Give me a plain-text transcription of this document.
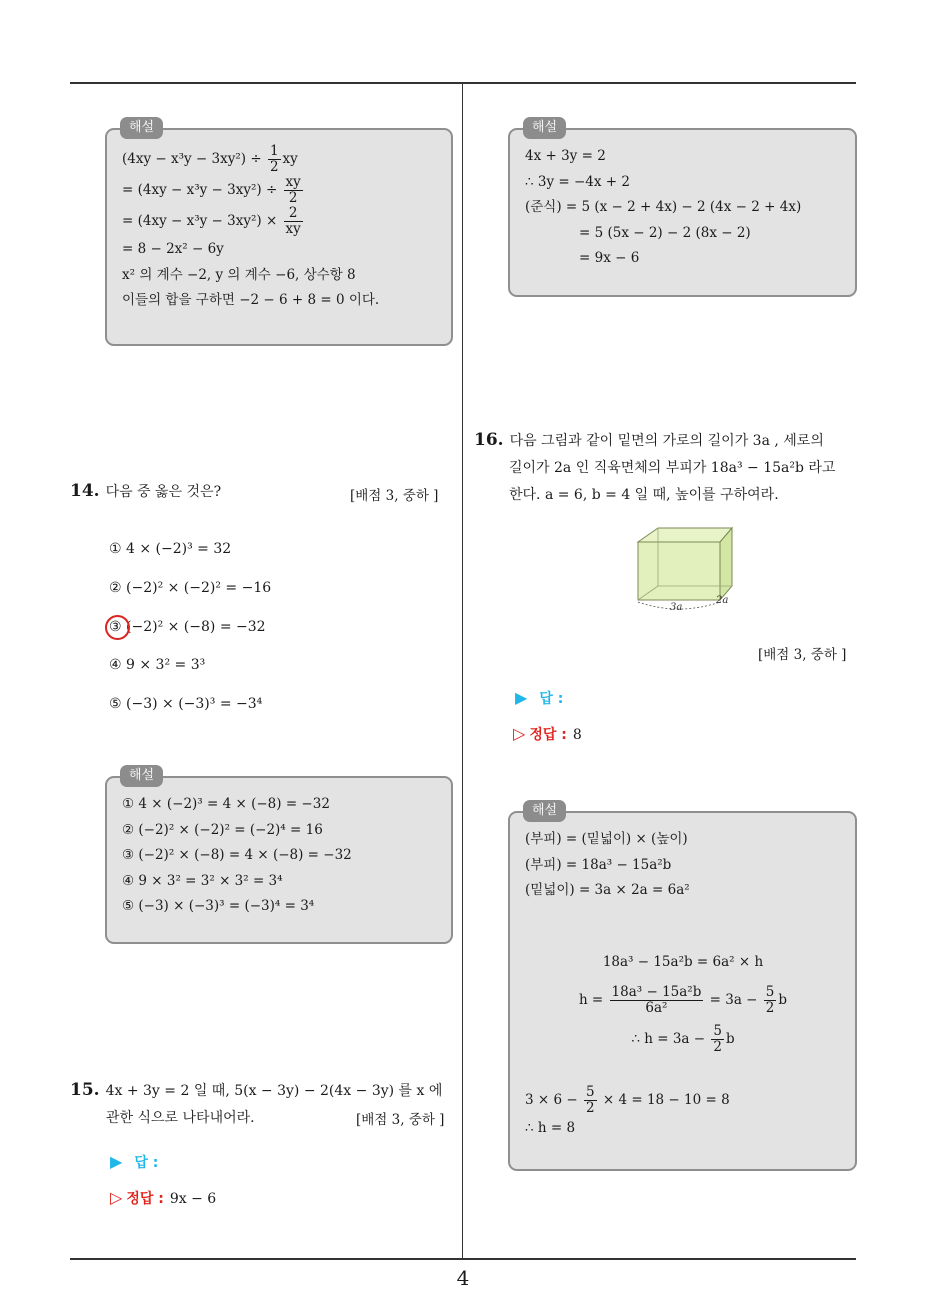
4
해설
$(4xy - x^3y - 3xy^2) \div \frac{1}{2}$ xy
= $(4xy - x^3y - 3xy^2) \div \frac{xy}{2}$
= $(4xy - x^3y - 3xy^2) \times \frac{2}{xy}$
= 8 − 2x² − 6y
x² 의 계수 −2, y 의 계수 −6, 상수항 8
이들의 합을 구하면 −2 − 6 + 8 = 0 이다.
14. 다음 중 옳은 것은?	[배점 3, 중하 ]
① 4 × (−2)³ = 32
② (−2)² × (−2)² = −16
③ (−2)² × (−8) = −32
④ 9 × 3² = 3³
⑤ (−3) × (−3)³ = −3⁴
해설
① 4 × (−2)³ = 4 × (−8) = −32
② (−2)² × (−2)² = (−2)⁴ = 16
③ (−2)² × (−8) = 4 × (−8) = −32
④ 9 × 3² = 3² × 3² = 3⁴
⑤ (−3) × (−3)³ = (−3)⁴ = 3⁴
15. 4x + 3y = 2 일 때, 5(x − 3y) − 2(4x − 3y) 를 x 에
관한 식으로 나타내어라.	[배점 3, 중하 ]
▶ 답 :
▷ 정답 : 9x − 6
해설
4x + 3y = 2
∴ 3y = −4x + 2
(준식) = 5 (x − 2 + 4x) − 2 (4x − 2 + 4x)
= 5 (5x − 2) − 2 (8x − 2)
= 9x − 6
16. 다음 그림과 같이 밑면의 가로의 길이가 3a , 세로의
길이가 2a 인 직육면체의 부피가 18a³ − 15a²b 라고
한다. a = 6, b = 4 일 때, 높이를 구하여라.
3a
2a
[배점 3, 중하 ]
▶ 답 :
▷ 정답 : 8
해설
(부피) = (밑넓이) × (높이)
(부피) = 18a³ − 15a²b
(밑넓이) = 3a × 2a = 6a²
18a³ − 15a²b = 6a² × h
$h = \frac{\text{18a³ − 15a²b}}{\text{6a²}} = 3a - \frac{5}{2}$ b
∴ $h = 3a - \frac{5}{2}$ b
$3 \times 6 - \frac{5}{2} \times 4 = 18 - 10 = 8$
∴ h = 8
